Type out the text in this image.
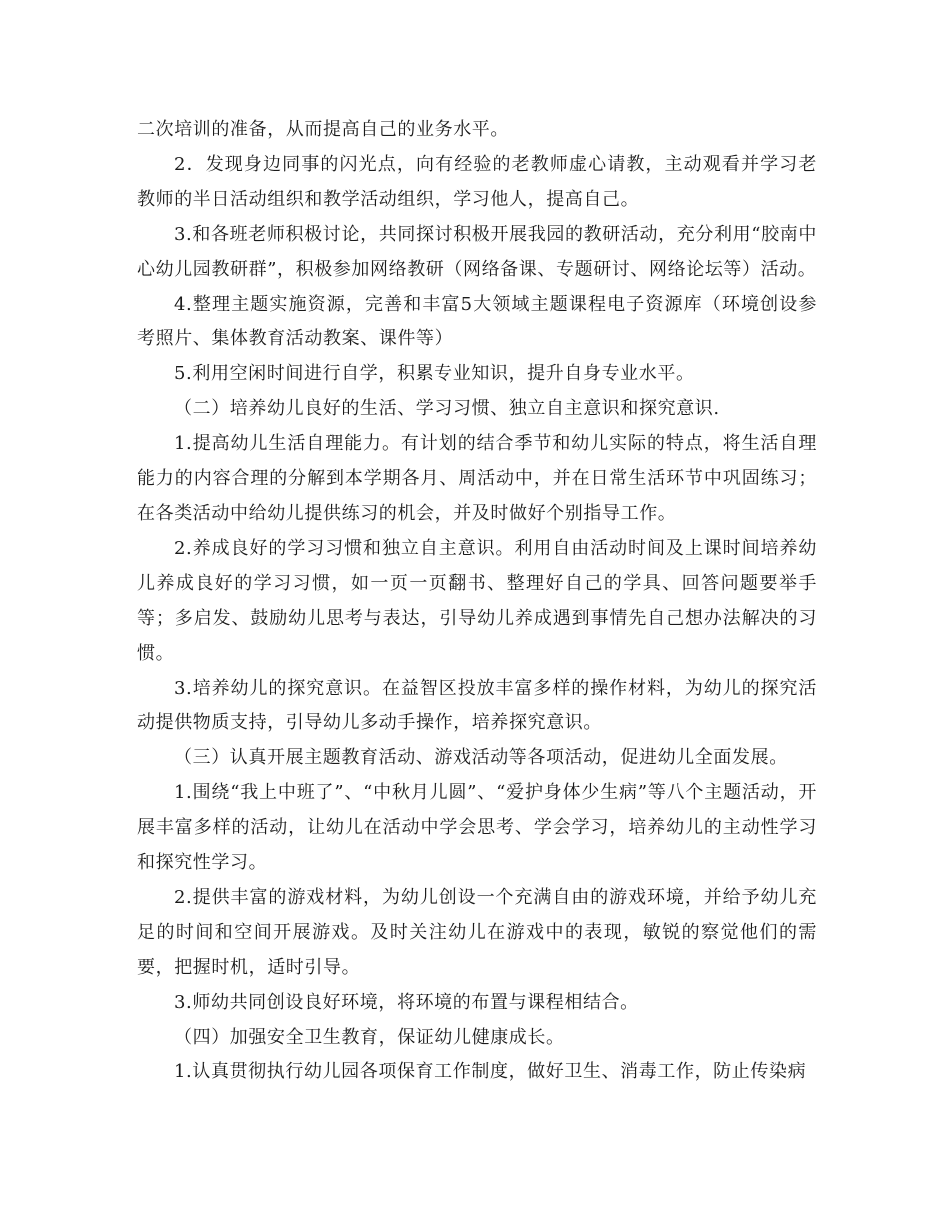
二次培训的准备，从而提高自己的业务水平。

2．发现身边同事的闪光点，向有经验的老教师虚心请教，主动观看并学习老教师的半日活动组织和教学活动组织，学习他人，提高自己。

3.和各班老师积极讨论，共同探讨积极开展我园的教研活动，充分利用“胶南中心幼儿园教研群”，积极参加网络教研（网络备课、专题研讨、网络论坛等）活动。

4.整理主题实施资源，完善和丰富5大领域主题课程电子资源库（环境创设参考照片、集体教育活动教案、课件等）

5.利用空闲时间进行自学，积累专业知识，提升自身专业水平。

（二）培养幼儿良好的生活、学习习惯、独立自主意识和探究意识.

1.提高幼儿生活自理能力。有计划的结合季节和幼儿实际的特点，将生活自理能力的内容合理的分解到本学期各月、周活动中，并在日常生活环节中巩固练习；在各类活动中给幼儿提供练习的机会，并及时做好个别指导工作。

2.养成良好的学习习惯和独立自主意识。利用自由活动时间及上课时间培养幼儿养成良好的学习习惯，如一页一页翻书、整理好自己的学具、回答问题要举手等；多启发、鼓励幼儿思考与表达，引导幼儿养成遇到事情先自己想办法解决的习惯。

3.培养幼儿的探究意识。在益智区投放丰富多样的操作材料，为幼儿的探究活动提供物质支持，引导幼儿多动手操作，培养探究意识。

（三）认真开展主题教育活动、游戏活动等各项活动，促进幼儿全面发展。

1.围绕“我上中班了”、“中秋月儿圆”、“爱护身体少生病”等八个主题活动，开展丰富多样的活动，让幼儿在活动中学会思考、学会学习，培养幼儿的主动性学习和探究性学习。

2.提供丰富的游戏材料，为幼儿创设一个充满自由的游戏环境，并给予幼儿充足的时间和空间开展游戏。及时关注幼儿在游戏中的表现，敏锐的察觉他们的需要，把握时机，适时引导。

3.师幼共同创设良好环境，将环境的布置与课程相结合。

（四）加强安全卫生教育，保证幼儿健康成长。

1.认真贯彻执行幼儿园各项保育工作制度，做好卫生、消毒工作，防止传染病
